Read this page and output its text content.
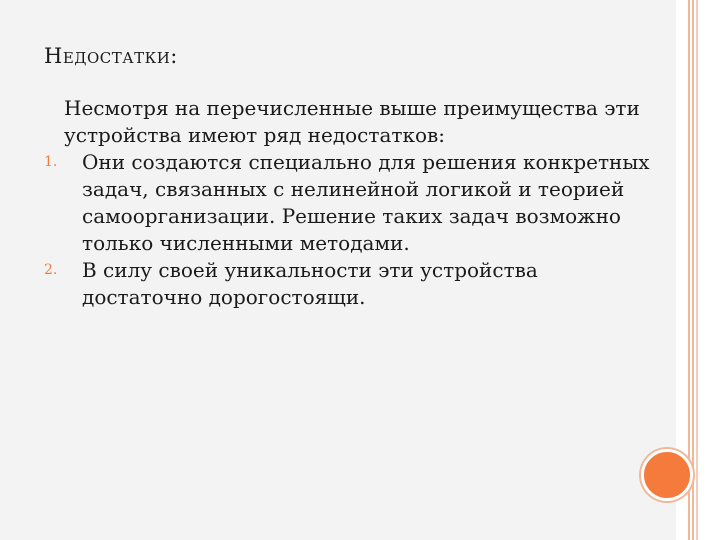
Недостатки:

Несмотря на перечисленные выше преимущества эти устройства имеют ряд недостатков:

1. Они создаются специально для решения конкретных задач, связанных с нелинейной логикой и теорией самоорганизации. Решение таких задач возможно только численными методами.
2. В силу своей уникальности эти устройства достаточно дорогостоящи.
